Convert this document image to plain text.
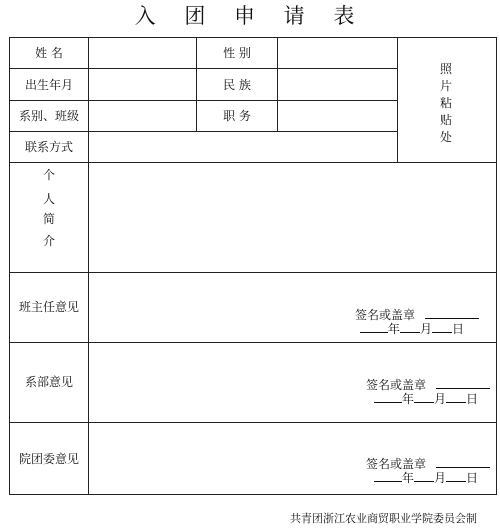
入 团 申 请 表
姓 名	性 别
出生年月	民 族
系别、班级	职 务
联系方式
照
片
粘
贴
处
个
人
简
介
班主任意见
签名或盖章
年 月 日
系部意见	签名或盖章
年 月 日
院团委意见	签名或盖章
年 月 日
共青团浙江农业商贸职业学院委员会制
